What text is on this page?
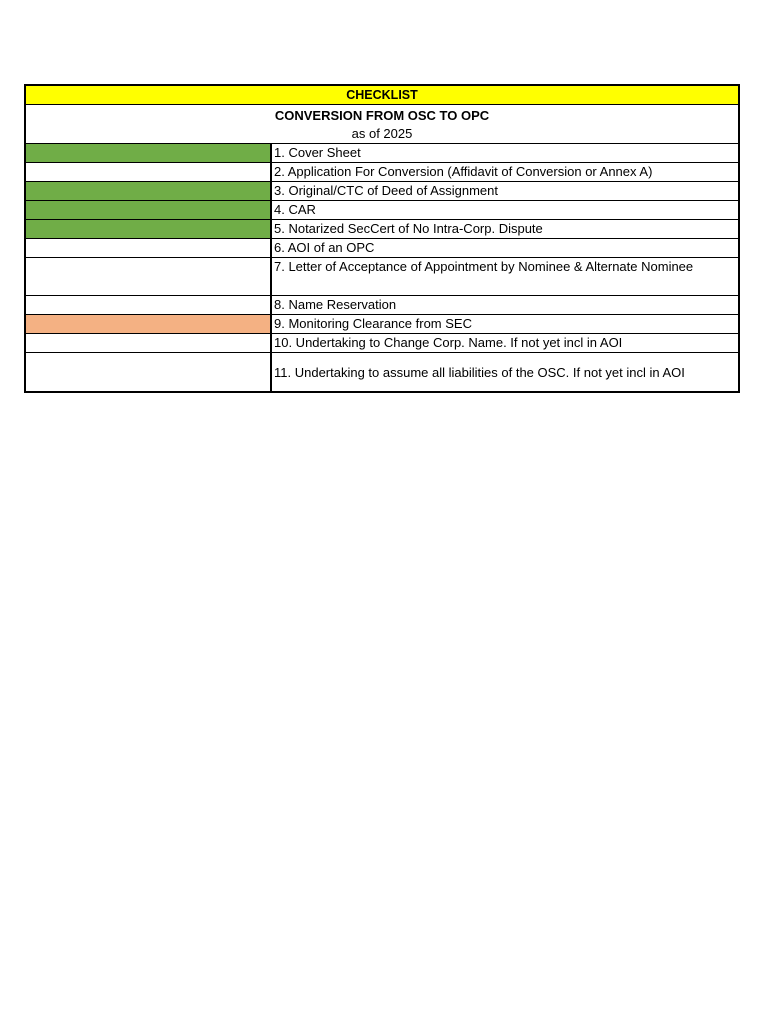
CHECKLIST
CONVERSION FROM OSC TO OPC
as of 2025
1. Cover Sheet
2. Application For Conversion (Affidavit of Conversion or Annex A)
3. Original/CTC of Deed of Assignment
4. CAR
5. Notarized SecCert of No Intra-Corp. Dispute
6. AOI of an OPC
7. Letter of Acceptance of Appointment by Nominee & Alternate Nominee
8. Name Reservation
9. Monitoring Clearance from SEC
10. Undertaking to Change Corp. Name. If not yet incl in AOI
11. Undertaking to assume all liabilities of the OSC. If not yet incl in AOI
